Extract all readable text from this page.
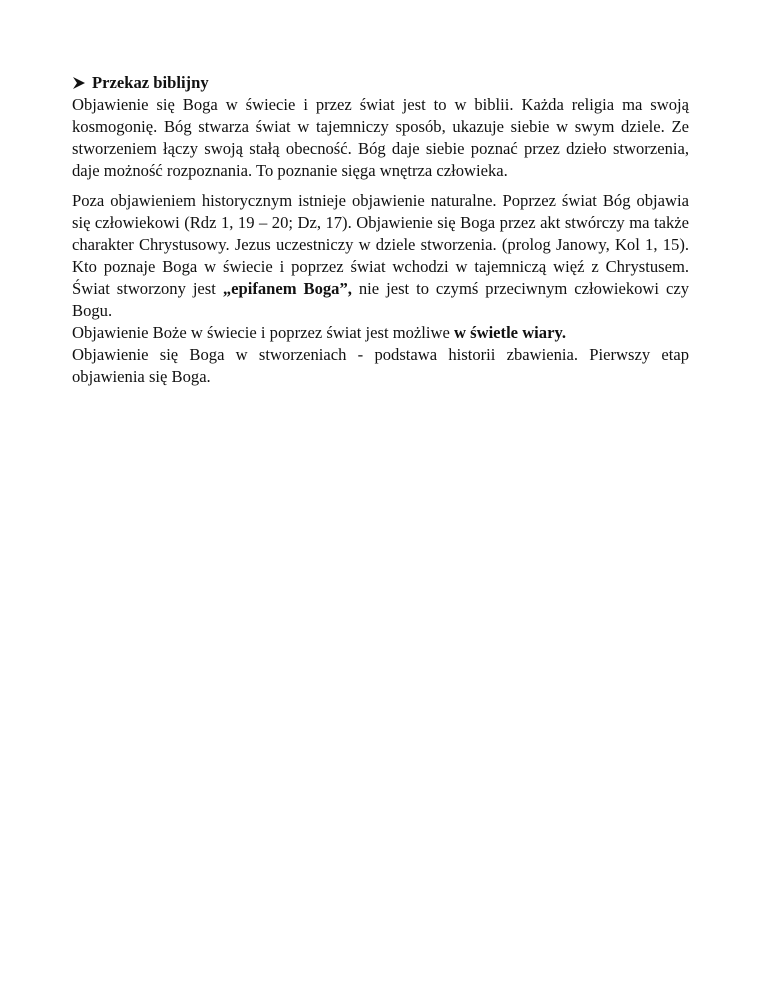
Przekaz biblijny

Objawienie się Boga w świecie i przez świat jest to w biblii. Każda religia ma swoją kosmogonię. Bóg stwarza świat w tajemniczy sposób, ukazuje siebie w swym dziele. Ze stworzeniem łączy swoją stałą obecność. Bóg daje siebie poznać przez dzieło stworzenia, daje możność rozpoznania. To poznanie sięga wnętrza człowieka.

Poza objawieniem historycznym istnieje objawienie naturalne. Poprzez świat Bóg objawia się człowiekowi (Rdz 1, 19 – 20; Dz, 17). Objawienie się Boga przez akt stwórczy ma także charakter Chrystusowy. Jezus uczestniczy w dziele stworzenia. (prolog Janowy, Kol 1, 15). Kto poznaje Boga w świecie i poprzez świat wchodzi w tajemniczą więź z Chrystusem. Świat stworzony jest „epifanem Boga”, nie jest to czymś przeciwnym człowiekowi czy Bogu.

Objawienie Boże w świecie i poprzez świat jest możliwe w świetle wiary.

Objawienie się Boga w stworzeniach - podstawa historii zbawienia. Pierwszy etap objawienia się Boga.
